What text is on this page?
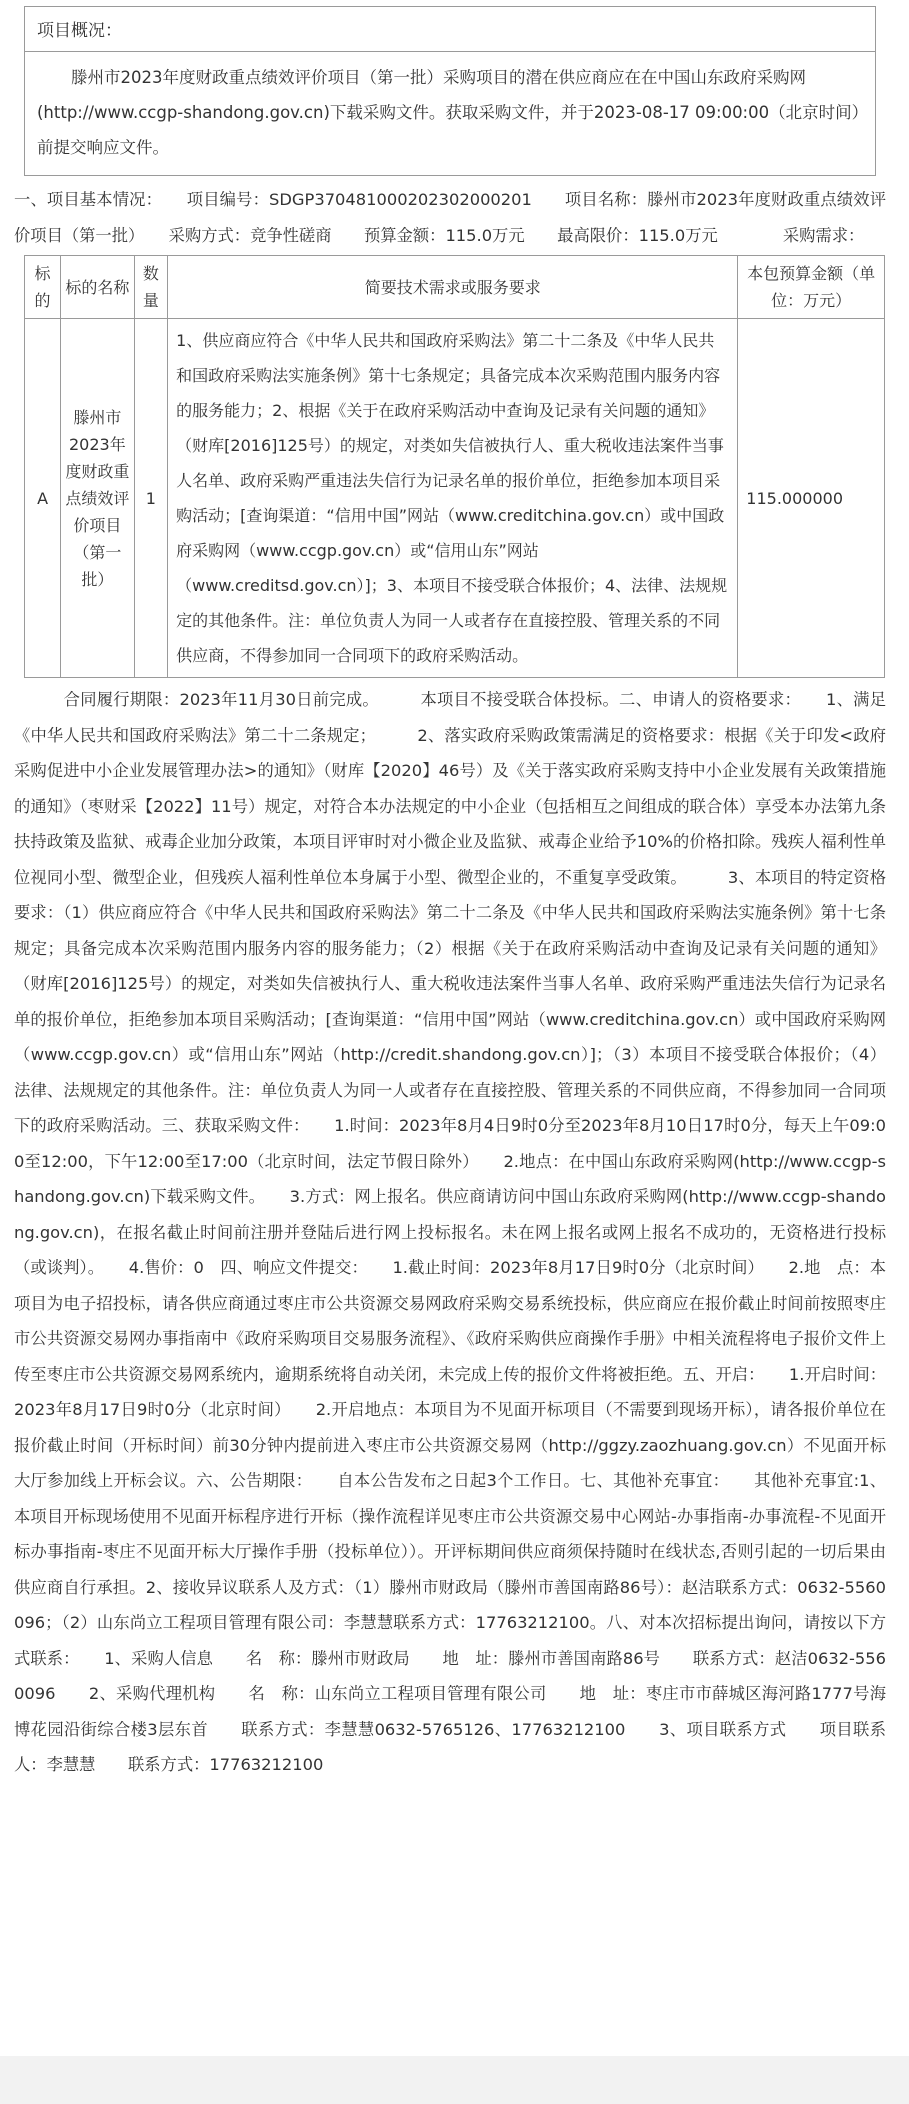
项目概况：
滕州市2023年度财政重点绩效评价项目（第一批）采购项目的潜在供应商应在在中国山东政府采购网(http://www.ccgp-shandong.gov.cn)下载采购文件。获取采购文件，并于2023-08-17 09:00:00（北京时间）前提交响应文件。
一、项目基本情况：　　项目编号：SDGP370481000202302000201　　项目名称：滕州市2023年度财政重点绩效评价项目（第一批）　　采购方式：竞争性磋商　　预算金额：115.0万元　　最高限价：115.0万元　　　　采购需求：
标的	标的名称	数量	简要技术需求或服务要求	本包预算金额（单位：万元）
A	滕州市2023年度财政重点绩效评价项目（第一批）	1	1、供应商应符合《中华人民共和国政府采购法》第二十二条及《中华人民共和国政府采购法实施条例》第十七条规定；具备完成本次采购范围内服务内容的服务能力；2、根据《关于在政府采购活动中查询及记录有关问题的通知》（财库[2016]125号）的规定，对类如失信被执行人、重大税收违法案件当事人名单、政府采购严重违法失信行为记录名单的报价单位，拒绝参加本项目采购活动；[查询渠道：“信用中国”网站（www.creditchina.gov.cn）或中国政府采购网（www.ccgp.gov.cn）或“信用山东”网站（www.creditsd.gov.cn）]；3、本项目不接受联合体报价；4、法律、法规规定的其他条件。注：单位负责人为同一人或者存在直接控股、管理关系的不同供应商，不得参加同一合同项下的政府采购活动。	115.000000
　　　合同履行期限：2023年11月30日前完成。　　　本项目不接受联合体投标。二、申请人的资格要求：　　1、满足《中华人民共和国政府采购法》第二十二条规定；　　　2、落实政府采购政策需满足的资格要求：根据《关于印发<政府采购促进中小企业发展管理办法>的通知》（财库【2020】46号）及《关于落实政府采购支持中小企业发展有关政策措施的通知》（枣财采【2022】11号）规定，对符合本办法规定的中小企业（包括相互之间组成的联合体）享受本办法第九条扶持政策及监狱、戒毒企业加分政策，本项目评审时对小微企业及监狱、戒毒企业给予10%的价格扣除。残疾人福利性单位视同小型、微型企业，但残疾人福利性单位本身属于小型、微型企业的，不重复享受政策。　　　3、本项目的特定资格要求：（1）供应商应符合《中华人民共和国政府采购法》第二十二条及《中华人民共和国政府采购法实施条例》第十七条规定；具备完成本次采购范围内服务内容的服务能力；（2）根据《关于在政府采购活动中查询及记录有关问题的通知》（财库[2016]125号）的规定，对类如失信被执行人、重大税收违法案件当事人名单、政府采购严重违法失信行为记录名单的报价单位，拒绝参加本项目采购活动；[查询渠道：“信用中国”网站（www.creditchina.gov.cn）或中国政府采购网（www.ccgp.gov.cn）或“信用山东”网站（http://credit.shandong.gov.cn）]；（3）本项目不接受联合体报价；（4）法律、法规规定的其他条件。注：单位负责人为同一人或者存在直接控股、管理关系的不同供应商，不得参加同一合同项下的政府采购活动。三、获取采购文件：　　1.时间：2023年8月4日9时0分至2023年8月10日17时0分，每天上午09:00至12:00，下午12:00至17:00（北京时间，法定节假日除外）　　2.地点：在中国山东政府采购网(http://www.ccgp-shandong.gov.cn)下载采购文件。　　3.方式：网上报名。供应商请访问中国山东政府采购网(http://www.ccgp-shandong.gov.cn)，在报名截止时间前注册并登陆后进行网上投标报名。未在网上报名或网上报名不成功的，无资格进行投标（或谈判）。　　4.售价：0　四、响应文件提交：　　1.截止时间：2023年8月17日9时0分（北京时间）　　2.地　点：本项目为电子招投标，请各供应商通过枣庄市公共资源交易网政府采购交易系统投标，供应商应在报价截止时间前按照枣庄市公共资源交易网办事指南中《政府采购项目交易服务流程》、《政府采购供应商操作手册》中相关流程将电子报价文件上传至枣庄市公共资源交易网系统内，逾期系统将自动关闭，未完成上传的报价文件将被拒绝。五、开启：　　1.开启时间：2023年8月17日9时0分（北京时间）　　2.开启地点：本项目为不见面开标项目（不需要到现场开标），请各报价单位在报价截止时间（开标时间）前30分钟内提前进入枣庄市公共资源交易网（http://ggzy.zaozhuang.gov.cn）不见面开标大厅参加线上开标会议。六、公告期限：　　自本公告发布之日起3个工作日。七、其他补充事宜：　　其他补充事宜:1、本项目开标现场使用不见面开标程序进行开标（操作流程详见枣庄市公共资源交易中心网站-办事指南-办事流程-不见面开标办事指南-枣庄不见面开标大厅操作手册（投标单位））。开评标期间供应商须保持随时在线状态,否则引起的一切后果由供应商自行承担。2、接收异议联系人及方式：（1）滕州市财政局（滕州市善国南路86号）：赵洁联系方式：0632-5560096；（2）山东尚立工程项目管理有限公司：李慧慧联系方式：17763212100。八、对本次招标提出询问，请按以下方式联系：　　1、采购人信息　　名　称：滕州市财政局　　地　址：滕州市善国南路86号　　联系方式：赵洁0632-5560096　　2、采购代理机构　　名　称：山东尚立工程项目管理有限公司　　地　址：枣庄市市薛城区海河路1777号海博花园沿街综合楼3层东首　　联系方式：李慧慧0632-5765126、17763212100　　3、项目联系方式　　项目联系人：李慧慧　　联系方式：17763212100
